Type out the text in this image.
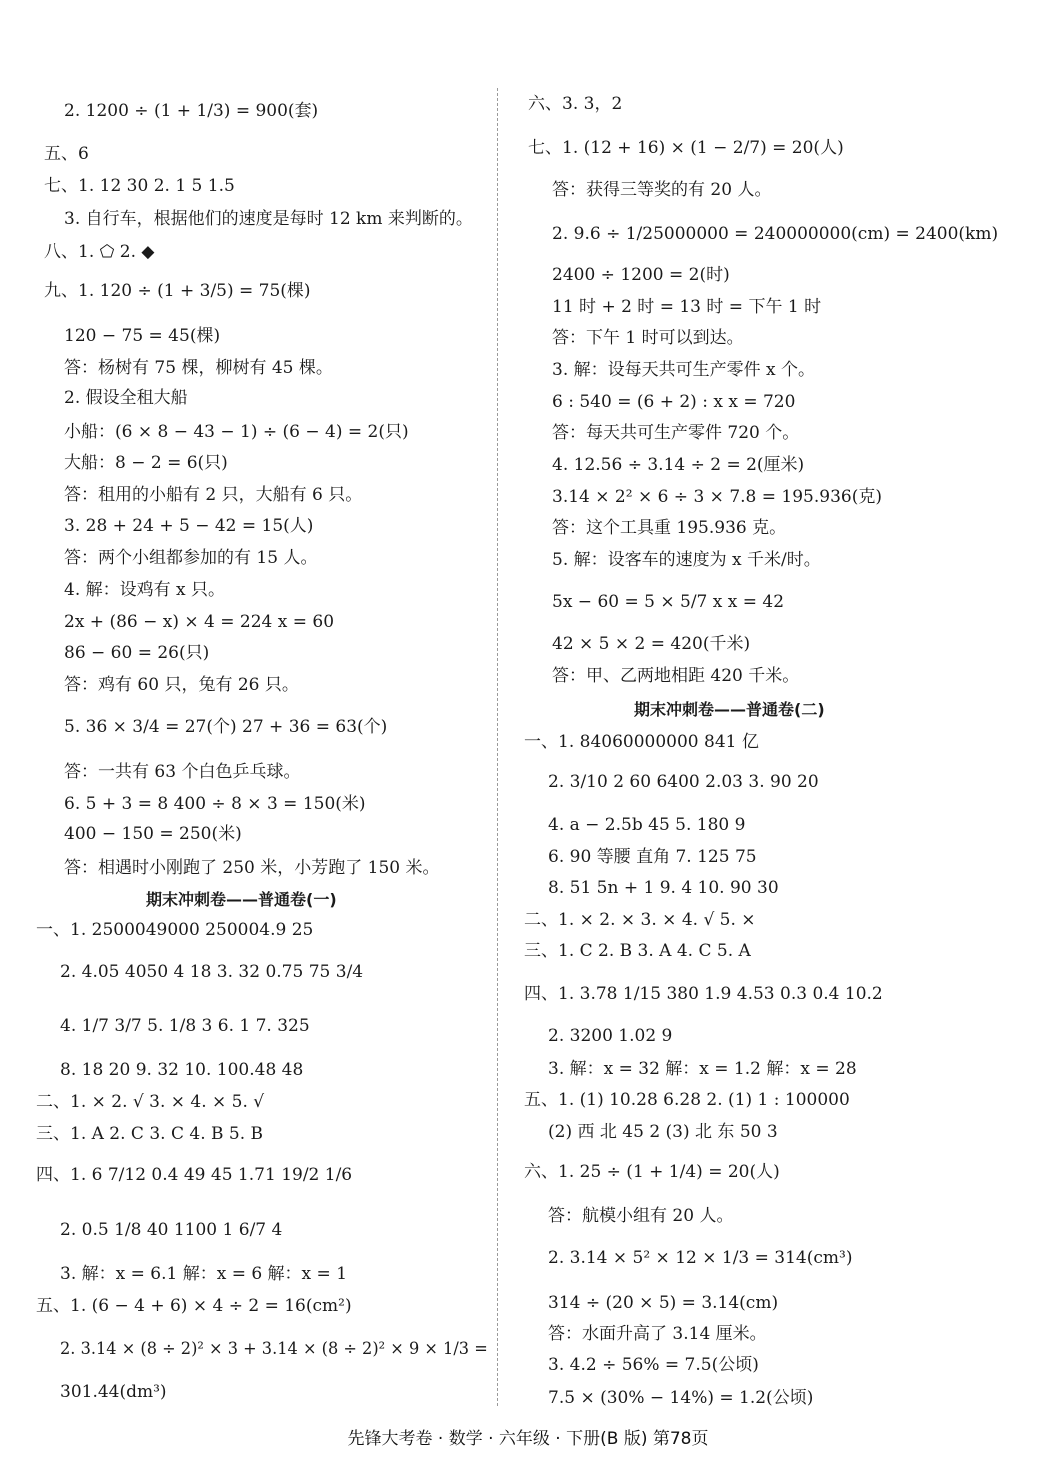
2. 1200 ÷ (1 + 1/3) = 900(套)
五、6
七、1. 12 30 2. 1 5 1.5
3. 自行车，根据他们的速度是每时 12 km 来判断的。
八、1. ⬠ 2. ◆
九、1. 120 ÷ (1 + 3/5) = 75(棵)
120 − 75 = 45(棵)
答：杨树有 75 棵，柳树有 45 棵。
2. 假设全租大船
小船：(6 × 8 − 43 − 1) ÷ (6 − 4) = 2(只)
大船：8 − 2 = 6(只)
答：租用的小船有 2 只，大船有 6 只。
3. 28 + 24 + 5 − 42 = 15(人)
答：两个小组都参加的有 15 人。
4. 解：设鸡有 x 只。
2x + (86 − x) × 4 = 224 x = 60
86 − 60 = 26(只)
答：鸡有 60 只，兔有 26 只。
5. 36 × 3/4 = 27(个) 27 + 36 = 63(个)
答：一共有 63 个白色乒乓球。
6. 5 + 3 = 8 400 ÷ 8 × 3 = 150(米)
400 − 150 = 250(米)
答：相遇时小刚跑了 250 米，小芳跑了 150 米。
期末冲刺卷——普通卷(一)
一、1. 2500049000 250004.9 25
2. 4.05 4050 4 18 3. 32 0.75 75 3/4
4. 1/7 3/7 5. 1/8 3 6. 1 7. 325
8. 18 20 9. 32 10. 100.48 48
二、1. × 2. √ 3. × 4. × 5. √
三、1. A 2. C 3. C 4. B 5. B
四、1. 6 7/12 0.4 49 45 1.71 19/2 1/6
2. 0.5 1/8 40 1100 1 6/7 4
3. 解：x = 6.1 解：x = 6 解：x = 1
五、1. (6 − 4 + 6) × 4 ÷ 2 = 16(cm²)
2. 3.14 × (8 ÷ 2)² × 3 + 3.14 × (8 ÷ 2)² × 9 × 1/3 =
301.44(dm³)
六、3. 3，2
七、1. (12 + 16) × (1 − 2/7) = 20(人)
答：获得三等奖的有 20 人。
2. 9.6 ÷ 1/25000000 = 240000000(cm) = 2400(km)
2400 ÷ 1200 = 2(时)
11 时 + 2 时 = 13 时 = 下午 1 时
答：下午 1 时可以到达。
3. 解：设每天共可生产零件 x 个。
6 : 540 = (6 + 2) : x x = 720
答：每天共可生产零件 720 个。
4. 12.56 ÷ 3.14 ÷ 2 = 2(厘米)
3.14 × 2² × 6 ÷ 3 × 7.8 = 195.936(克)
答：这个工具重 195.936 克。
5. 解：设客车的速度为 x 千米/时。
5x − 60 = 5 × 5/7 x x = 42
42 × 5 × 2 = 420(千米)
答：甲、乙两地相距 420 千米。
期末冲刺卷——普通卷(二)
一、1. 84060000000 841 亿
2. 3/10 2 60 6400 2.03 3. 90 20
4. a − 2.5b 45 5. 180 9
6. 90 等腰 直角 7. 125 75
8. 51 5n + 1 9. 4 10. 90 30
二、1. × 2. × 3. × 4. √ 5. ×
三、1. C 2. B 3. A 4. C 5. A
四、1. 3.78 1/15 380 1.9 4.53 0.3 0.4 10.2
2. 3200 1.02 9
3. 解：x = 32 解：x = 1.2 解：x = 28
五、1. (1) 10.28 6.28 2. (1) 1 : 100000
(2) 西 北 45 2 (3) 北 东 50 3
六、1. 25 ÷ (1 + 1/4) = 20(人)
答：航模小组有 20 人。
2. 3.14 × 5² × 12 × 1/3 = 314(cm³)
314 ÷ (20 × 5) = 3.14(cm)
答：水面升高了 3.14 厘米。
3. 4.2 ÷ 56% = 7.5(公顷)
7.5 × (30% − 14%) = 1.2(公顷)
先锋大考卷 · 数学 · 六年级 · 下册(B 版) 第78页
